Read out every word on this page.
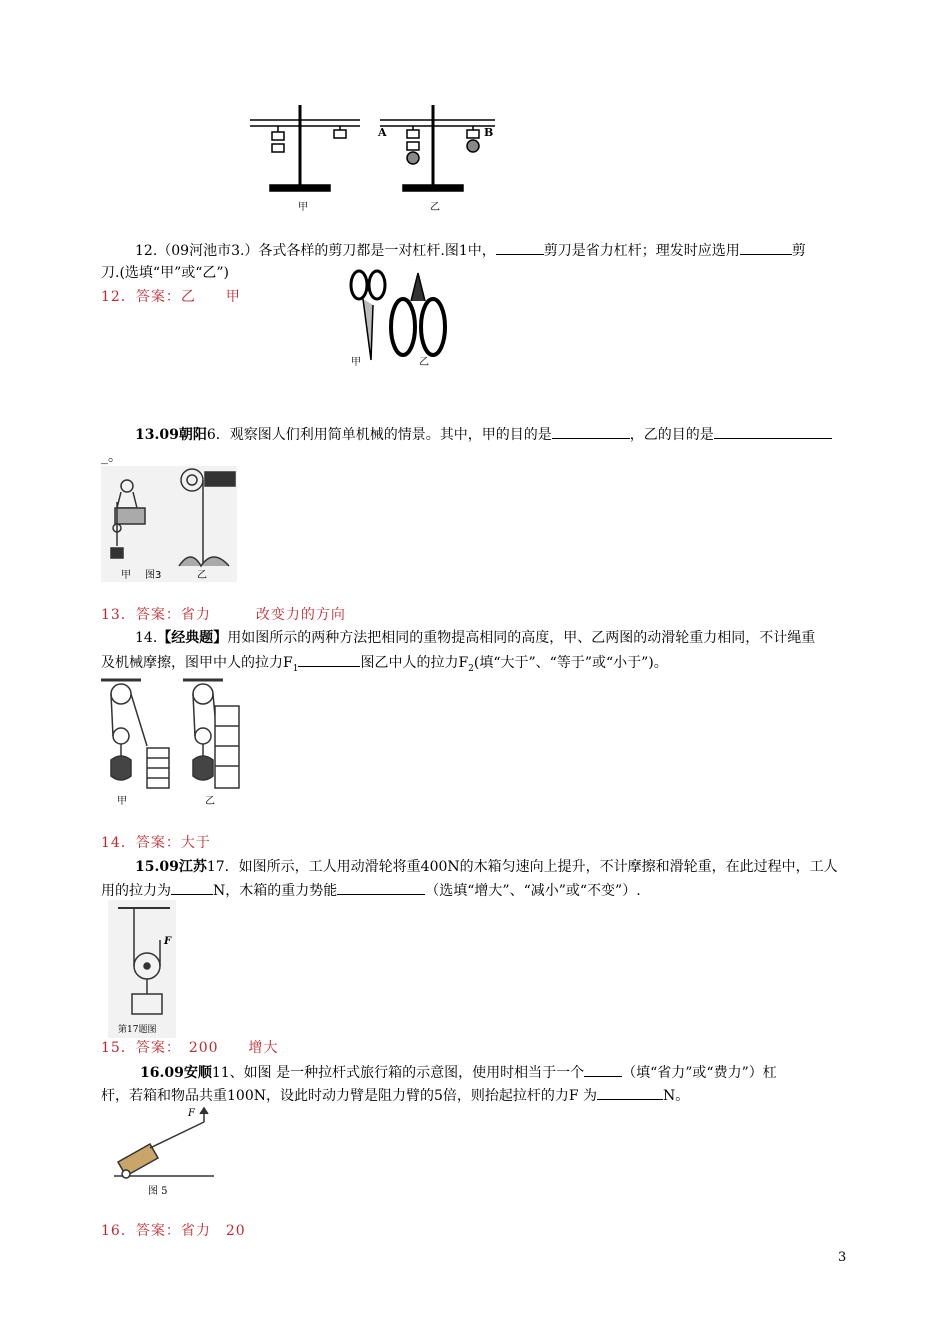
甲	乙
A	B
12.（09河池市3.）各式各样的剪刀都是一对杠杆.图1中，	剪刀是省力杠杆；理发时应选用	剪
刀.(选填“甲”或“乙”)
12．答案：乙　　甲
甲	乙
13.09朝阳6．观察图人们利用简单机械的情景。其中，甲的目的是	，乙的目的是
_。
甲 图3	乙
13．答案：省力　　　改变力的方向
14.【经典题】用如图所示的两种方法把相同的重物提高相同的高度，甲、乙两图的动滑轮重力相同，不计绳重
及机械摩擦，图甲中人的拉力$F_1$	图乙中人的拉力$F_2$(填“大于”、“等于”或“小于”)。
甲	乙
14．答案：大于
15.09江苏17．如图所示，工人用动滑轮将重400N的木箱匀速向上提升，不计摩擦和滑轮重，在此过程中，工人
用的拉力为	N，木箱的重力势能	（选填“增大”、“减小”或“不变”）.
F
第17题图
15．答案：　200　　增大
16.09安顺11、如图 是一种拉杆式旅行箱的示意图，使用时相当于一个	（填“省力”或“费力”）杠
杆，若箱和物品共重100N，设此时动力臂是阻力臂的5倍，则抬起拉杆的力F 为	N。
F
图 5
16．答案：省力　20
3
